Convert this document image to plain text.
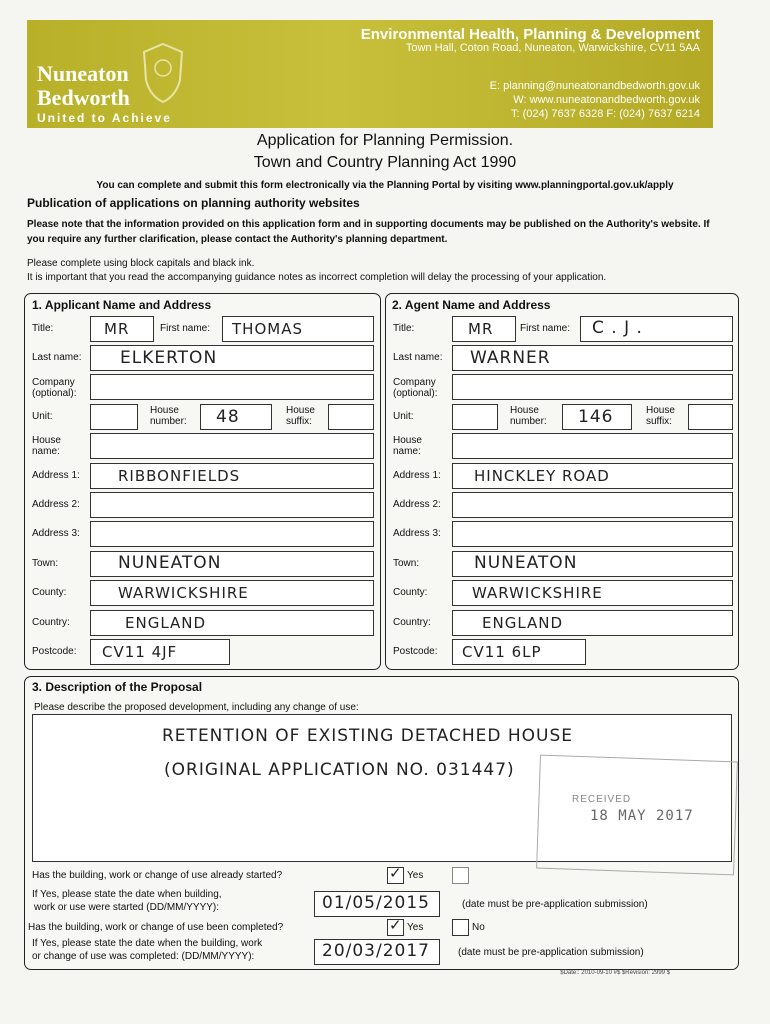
Nuneaton
Bedworth
United to Achieve
Environmental Health, Planning & Development
Town Hall, Coton Road, Nuneaton, Warwickshire, CV11 5AA
E: planning@nuneatonandbedworth.gov.uk
W: www.nuneatonandbedworth.gov.uk
T: (024) 7637 6328 F: (024) 7637 6214
Application for Planning Permission.
Town and Country Planning Act 1990
You can complete and submit this form electronically via the Planning Portal by visiting www.planningportal.gov.uk/apply
Publication of applications on planning authority websites
Please note that the information provided on this application form and in supporting documents may be published on the Authority's website. If you require any further clarification, please contact the Authority's planning department.
Please complete using block capitals and black ink.
It is important that you read the accompanying guidance notes as incorrect completion will delay the processing of your application.
1. Applicant Name and Address
Title:	MR	First name: THOMAS
Last name: ELKERTON
Company
(optional):
Unit:
House
number: 48	House
suffix:
House
name:
Address 1:	RIBBONFIELDS
Address 2:
Address 3:
Town:	NUNEATON
County:	WARWICKSHIRE
Country:	ENGLAND
Postcode: CV11 4JF
2. Agent Name and Address
Title:	MR	First name: C . J .
Last name: WARNER
Company
(optional):
Unit:
House
number: 146	House
suffix:
House
name:
Address 1: HINCKLEY ROAD
Address 2:
Address 3:
Town:	NUNEATON
County:	WARWICKSHIRE
Country:	ENGLAND
Postcode: CV11 6LP
3. Description of the Proposal
Please describe the proposed development, including any change of use:
RETENTION OF EXISTING DETACHED HOUSE
(ORIGINAL APPLICATION NO. 031447)
RECEIVED
18 MAY 2017
Has the building, work or change of use already started?	✓ Yes
If Yes, please state the date when building,
work or use were started (DD/MM/YYYY):	01/05/2015	(date must be pre-application submission)
Has the building, work or change of use been completed?	✓ Yes	No
If Yes, please state the date when the building, work
or change of use was completed: (DD/MM/YYYY):	20/03/2017	(date must be pre-application submission)
$Date:: 2010-09-10 #$ $Revision: 2999 $
